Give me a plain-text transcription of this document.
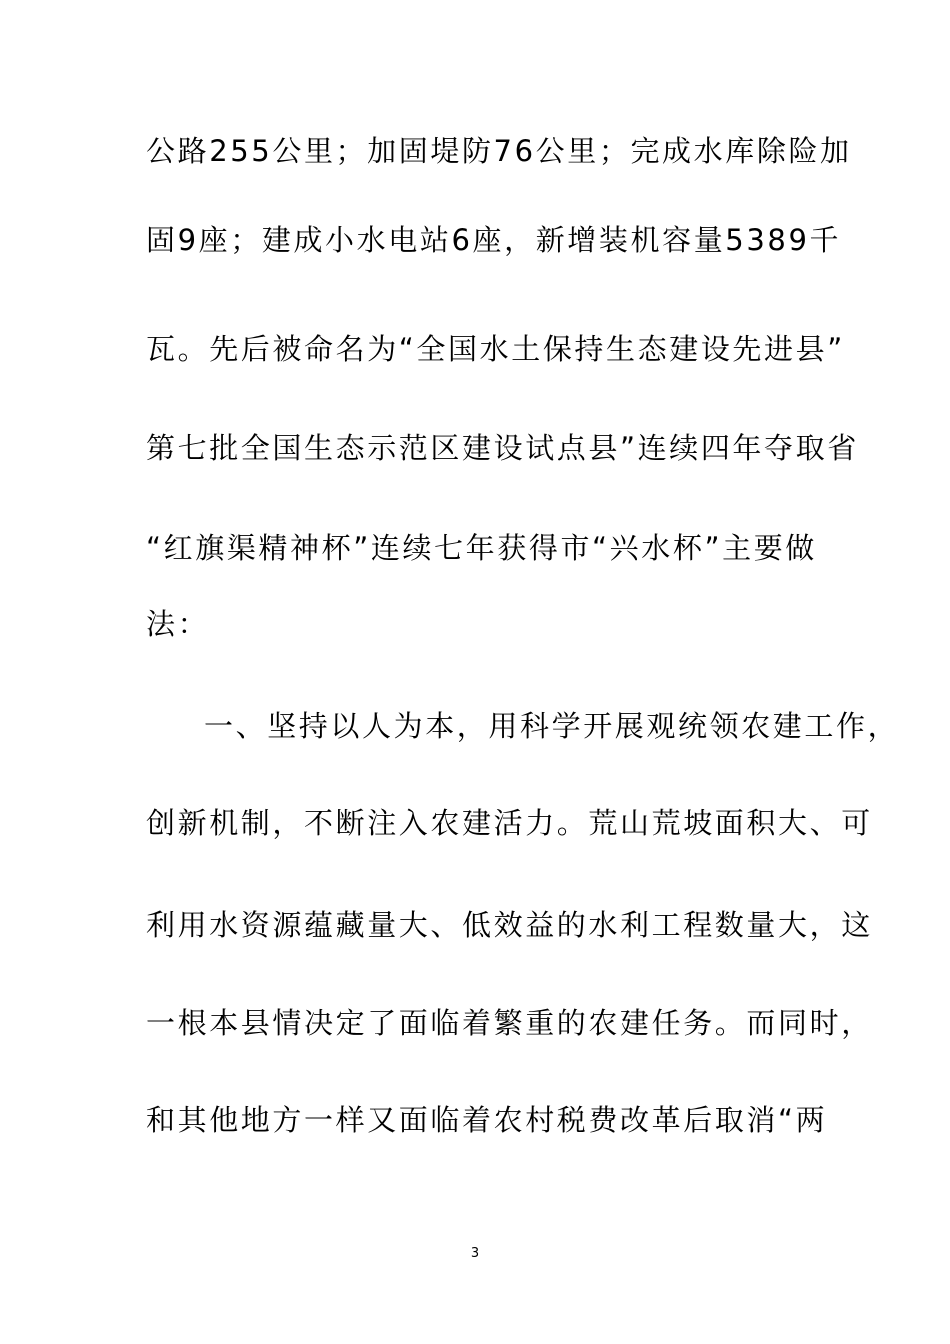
公路255公里；加固堤防76公里；完成水库除险加
固9座；建成小水电站6座，新增装机容量5389千
瓦。先后被命名为“全国水土保持生态建设先进县”
第七批全国生态示范区建设试点县”连续四年夺取省
“红旗渠精神杯”连续七年获得市“兴水杯”主要做
法：
一、坚持以人为本，用科学开展观统领农建工作，
创新机制，不断注入农建活力。荒山荒坡面积大、可
利用水资源蕴藏量大、低效益的水利工程数量大，这
一根本县情决定了面临着繁重的农建任务。而同时，
和其他地方一样又面临着农村税费改革后取消“两
3
